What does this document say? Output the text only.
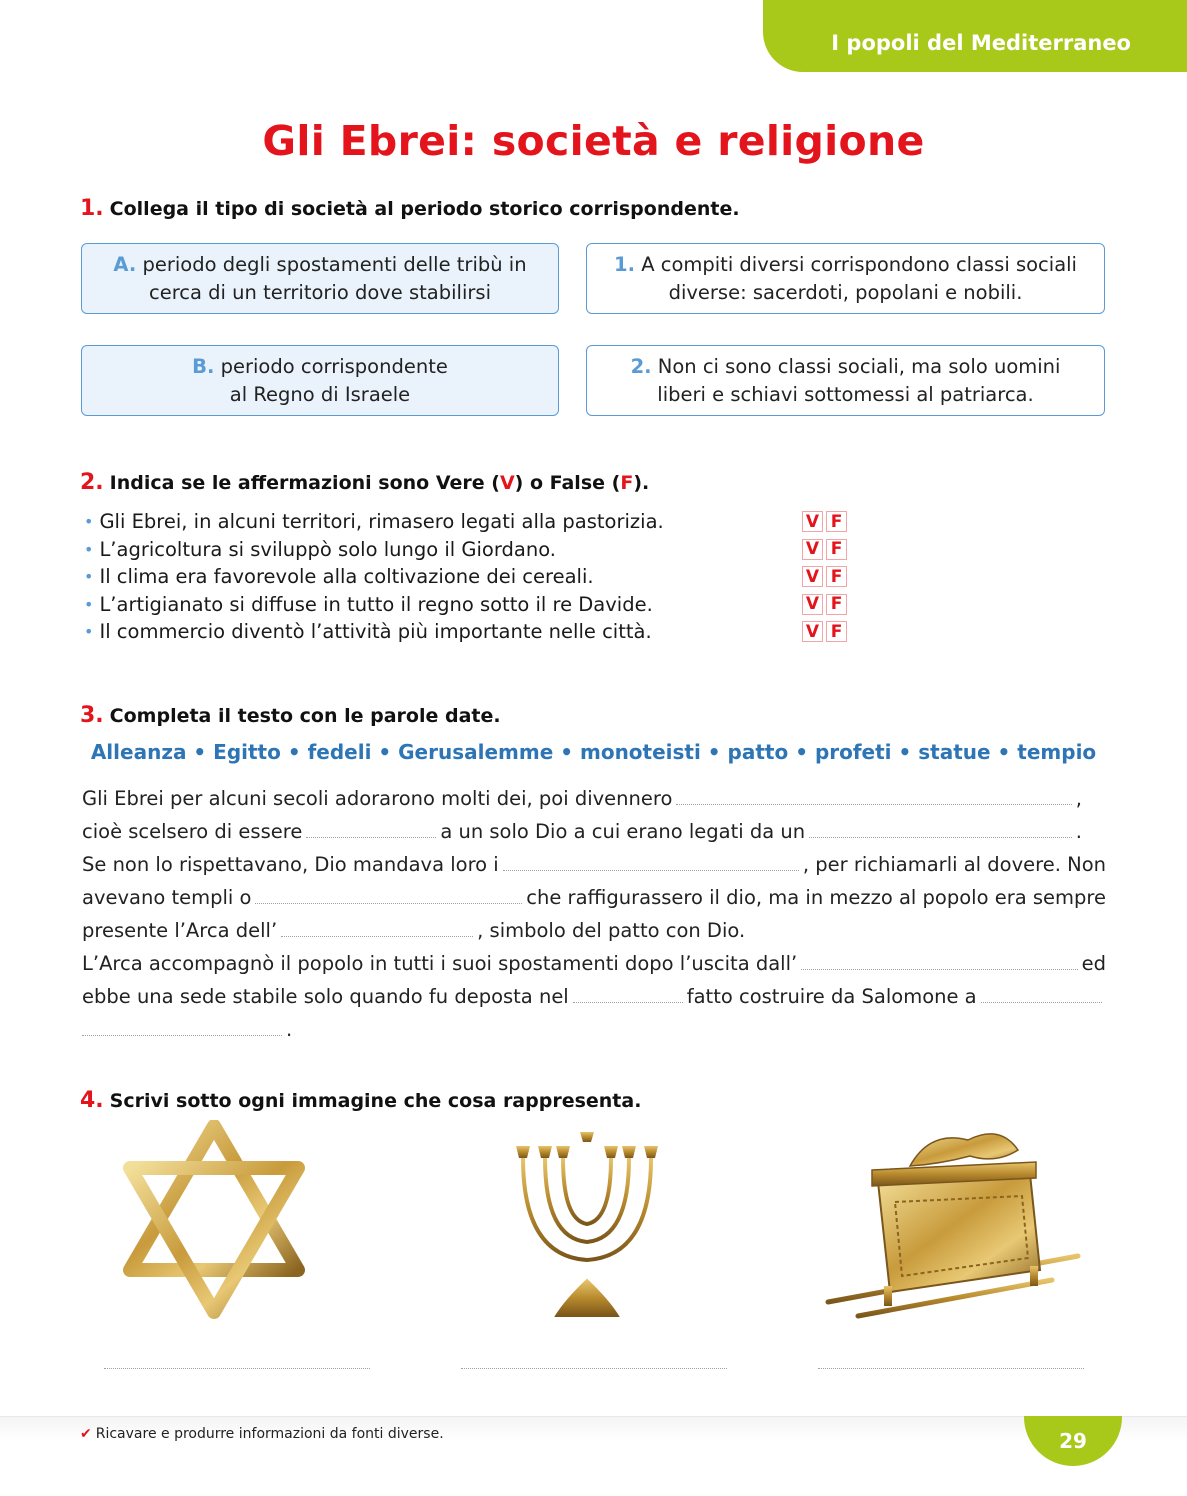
I popoli del Mediterraneo
Gli Ebrei: società e religione
1. Collega il tipo di società al periodo storico corrispondente.
A. periodo degli spostamenti delle tribù in
cerca di un territorio dove stabilirsi
1. A compiti diversi corrispondono classi sociali
diverse: sacerdoti, popolani e nobili.
B. periodo corrispondente
al Regno di Israele
2. Non ci sono classi sociali, ma solo uomini
liberi e schiavi sottomessi al patriarca.
2. Indica se le affermazioni sono Vere (V) o False (F).
• Gli Ebrei, in alcuni territori, rimasero legati alla pastorizia.	V F
• L’agricoltura si sviluppò solo lungo il Giordano.	V F
• Il clima era favorevole alla coltivazione dei cereali.	V F
• L’artigianato si diffuse in tutto il regno sotto il re Davide.	V F
• Il commercio diventò l’attività più importante nelle città.	V F
3. Completa il testo con le parole date.
Alleanza • Egitto • fedeli • Gerusalemme • monoteisti • patto • profeti • statue • tempio
Gli Ebrei per alcuni secoli adorarono molti dei, poi divennero	,
cioè scelsero di essere	a un solo Dio a cui erano legati da un	.
Se non lo rispettavano, Dio mandava loro i	, per richiamarli al dovere. Non
avevano templi o	che raffigurassero il dio, ma in mezzo al popolo era sempre
presente l’Arca dell’	, simbolo del patto con Dio.
L’Arca accompagnò il popolo in tutti i suoi spostamenti dopo l’uscita dall’	ed
ebbe una sede stabile solo quando fu deposta nel	fatto costruire da Salomone a
.
4. Scrivi sotto ogni immagine che cosa rappresenta.
✔ Ricavare e produrre informazioni da fonti diverse.	29
